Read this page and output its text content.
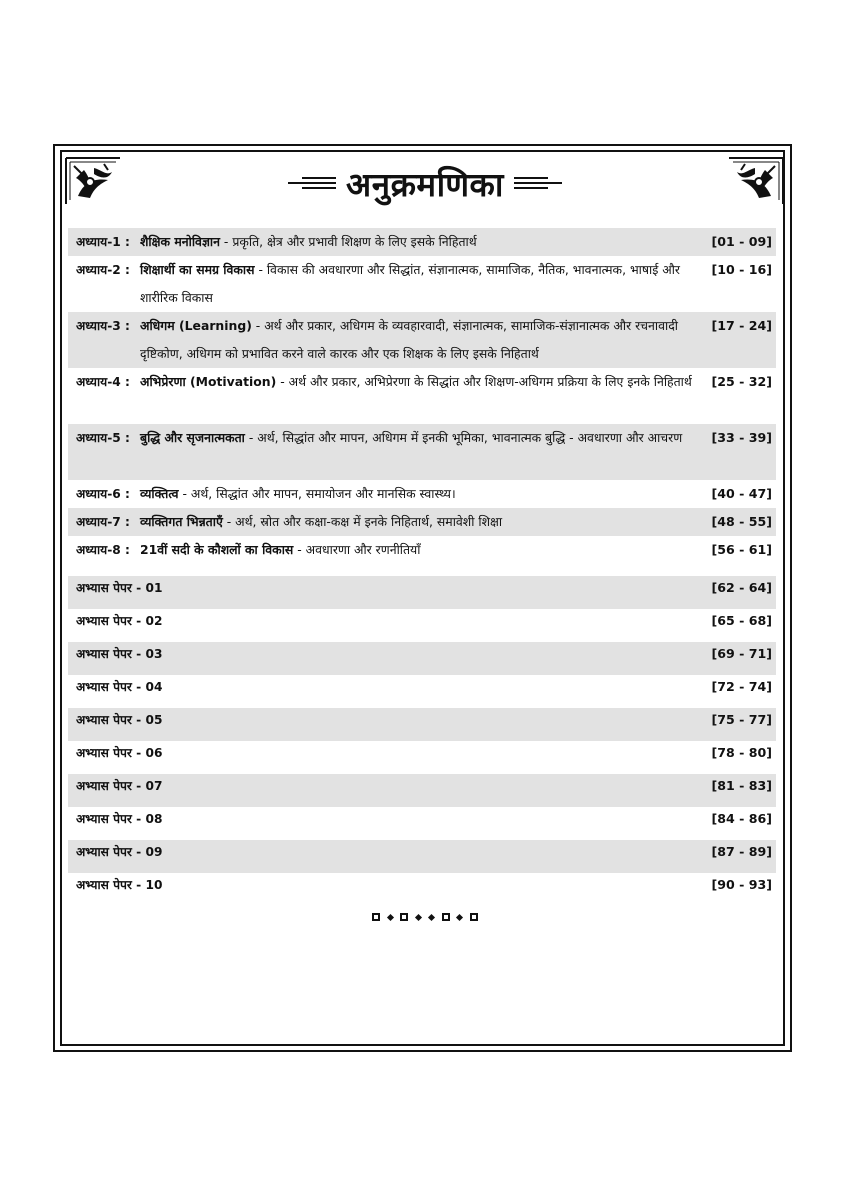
अनुक्रमणिका
अध्याय-1 : शैक्षिक मनोविज्ञान - प्रकृति, क्षेत्र और प्रभावी शिक्षण के लिए इसके निहितार्थ	[01 - 09]
अध्याय-2 : शिक्षार्थी का समग्र विकास - विकास की अवधारणा और सिद्धांत, संज्ञानात्मक, सामाजिक, नैतिक, भावनात्मक, भाषाई और शारीरिक विकास
[10 - 16]
अध्याय-3 : अधिगम (Learning) - अर्थ और प्रकार, अधिगम के व्यवहारवादी, संज्ञानात्मक, सामाजिक-संज्ञानात्मक और रचनावादी दृष्टिकोण, अधिगम को प्रभावित करने वाले कारक और एक शिक्षक के लिए इसके निहितार्थ
[17 - 24]
अध्याय-4 : अभिप्रेरणा (Motivation) - अर्थ और प्रकार, अभिप्रेरणा के सिद्धांत और शिक्षण-अधिगम प्रक्रिया के लिए इनके निहितार्थ	[25 - 32]
अध्याय-5 : बुद्धि और सृजनात्मकता - अर्थ, सिद्धांत और मापन, अधिगम में इनकी भूमिका, भावनात्मक बुद्धि - अवधारणा और आचरण	[33 - 39]
अध्याय-6 : व्यक्तित्व - अर्थ, सिद्धांत और मापन, समायोजन और मानसिक स्वास्थ्य।	[40 - 47]
अध्याय-7 : व्यक्तिगत भिन्नताएँ - अर्थ, स्रोत और कक्षा-कक्ष में इनके निहितार्थ, समावेशी शिक्षा	[48 - 55]
अध्याय-8 : 21वीं सदी के कौशलों का विकास - अवधारणा और रणनीतियाँ	[56 - 61]
अभ्यास पेपर - 01	[62 - 64]
अभ्यास पेपर - 02	[65 - 68]
अभ्यास पेपर - 03	[69 - 71]
अभ्यास पेपर - 04	[72 - 74]
अभ्यास पेपर - 05	[75 - 77]
अभ्यास पेपर - 06	[78 - 80]
अभ्यास पेपर - 07	[81 - 83]
अभ्यास पेपर - 08	[84 - 86]
अभ्यास पेपर - 09	[87 - 89]
अभ्यास पेपर - 10	[90 - 93]
